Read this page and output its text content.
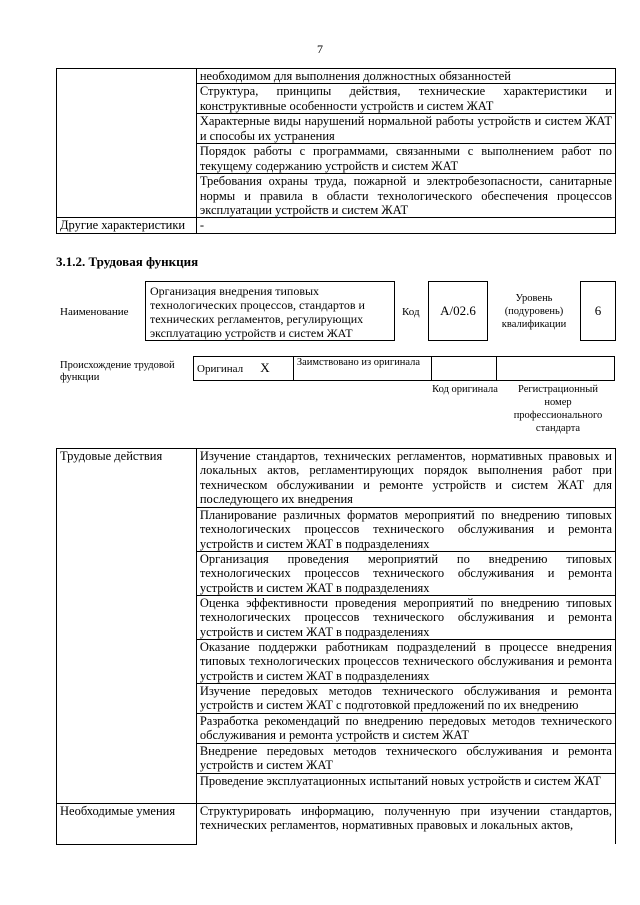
7
	необходимом для выполнения должностных обязанностей
	Структура, принципы действия, технические характеристики и конструктивные особенности устройств и систем ЖАТ
	Характерные виды нарушений нормальной работы устройств и систем ЖАТ и способы их устранения
	Порядок работы с программами, связанными с выполнением работ по текущему содержанию устройств и систем ЖАТ
	Требования охраны труда, пожарной и электробезопасности, санитарные нормы и правила в области технологического обеспечения процессов эксплуатации устройств и систем ЖАТ
Другие характеристики	-
3.1.2. Трудовая функция
Наименование
Организация внедрения типовых технологических процессов, стандартов и технических регламентов, регулирующих эксплуатацию устройств и систем ЖАТ
Код А/02.6
Уровень (подуровень) квалификации
6
Происхождение трудовой функции
Оригинал X	Заимствовано из оригинала		
Код оригинала	Регистрационный номер профессионального стандарта
Трудовые действия	Изучение стандартов, технических регламентов, нормативных правовых и локальных актов, регламентирующих порядок выполнения работ при техническом обслуживании и ремонте устройств и систем ЖАТ для последующего их внедрения
	Планирование различных форматов мероприятий по внедрению типовых технологических процессов технического обслуживания и ремонта устройств и систем ЖАТ в подразделениях
	Организация проведения мероприятий по внедрению типовых технологических процессов технического обслуживания и ремонта устройств и систем ЖАТ в подразделениях
	Оценка эффективности проведения мероприятий по внедрению типовых технологических процессов технического обслуживания и ремонта устройств и систем ЖАТ в подразделениях
	Оказание поддержки работникам подразделений в процессе внедрения типовых технологических процессов технического обслуживания и ремонта устройств и систем ЖАТ в подразделениях
	Изучение передовых методов технического обслуживания и ремонта устройств и систем ЖАТ с подготовкой предложений по их внедрению
	Разработка рекомендаций по внедрению передовых методов технического обслуживания и ремонта устройств и систем ЖАТ
	Внедрение передовых методов технического обслуживания и ремонта устройств и систем ЖАТ
	Проведение эксплуатационных испытаний новых устройств и систем ЖАТ
Необходимые умения	Структурировать информацию, полученную при изучении стандартов, технических регламентов, нормативных правовых и локальных актов,
